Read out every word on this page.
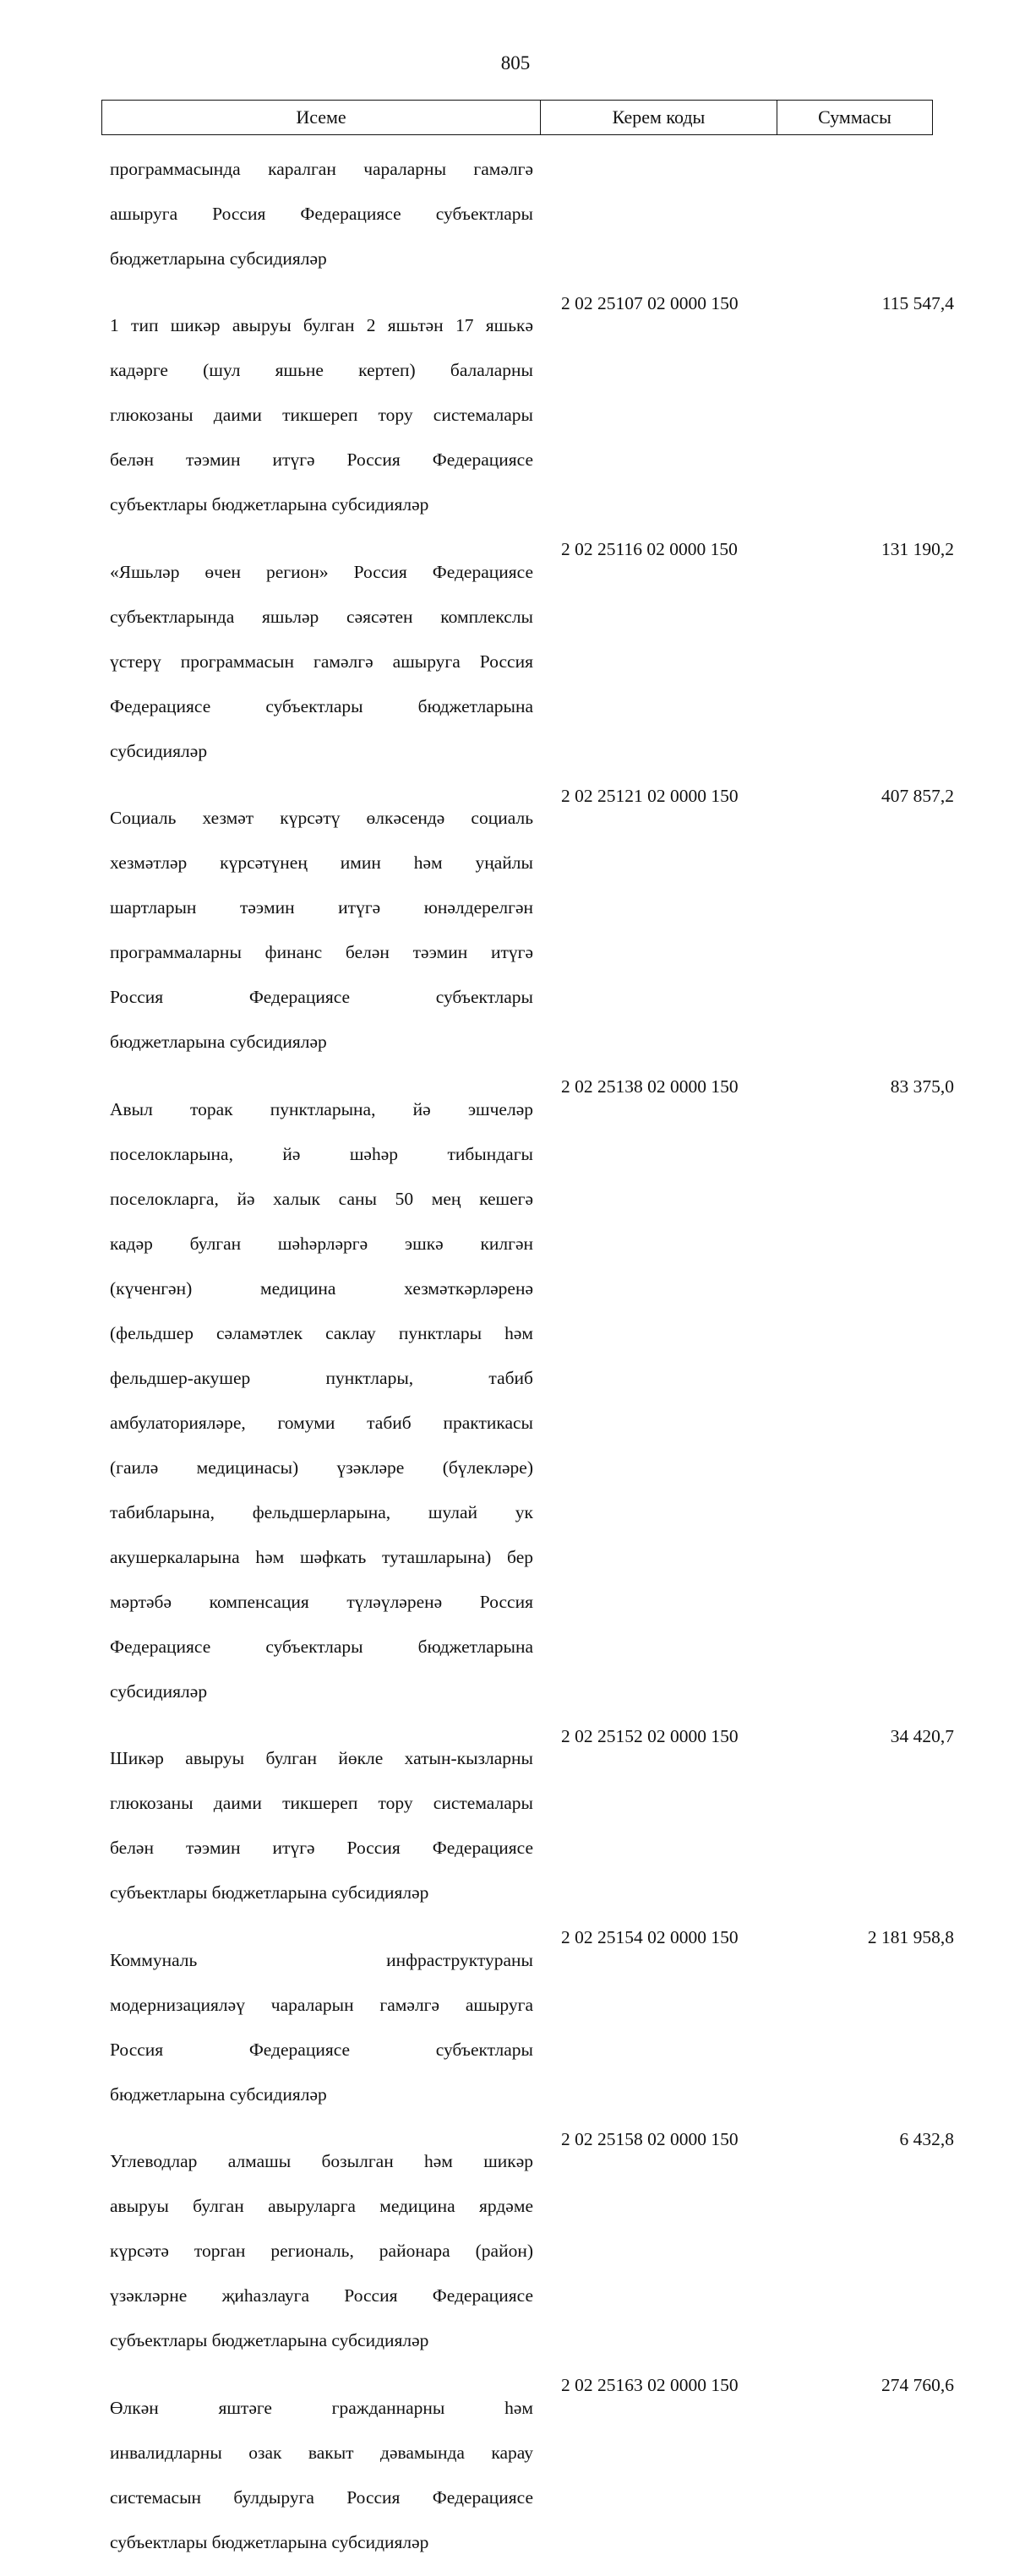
805
Исеме	Керем коды	Суммасы

программасында каралган чараларны гамәлгә

ашыруга Россия Федерациясе субъектлары

бюджетларына субсидияләр

1 тип шикәр авыруы булган 2 яшьтән 17 яшькә

кадәрге (шул яшьне кертеп) балаларны

глюкозаны даими тикшереп тору системалары

белән тәэмин итүгә Россия Федерациясе

субъектлары бюджетларына субсидияләр

2 02 25107 02 0000 150	115 547,4

«Яшьләр өчен регион» Россия Федерациясе

субъектларында яшьләр сәясәтен комплекслы

үстерү программасын гамәлгә ашыруга Россия

Федерациясе субъектлары бюджетларына

субсидияләр

2 02 25116 02 0000 150	131 190,2

Социаль хезмәт күрсәтү өлкәсендә социаль

хезмәтләр күрсәтүнең имин һәм уңайлы

шартларын тәэмин итүгә юнәлдерелгән

программаларны финанс белән тәэмин итүгә

Россия Федерациясе субъектлары

бюджетларына субсидияләр

2 02 25121 02 0000 150	407 857,2

Авыл торак пунктларына, йә эшчеләр

поселокларына, йә шәһәр тибындагы

поселокларга, йә халык саны 50 мең кешегә

кадәр булган шәһәрләргә эшкә килгән

(күченгән) медицина хезмәткәрләренә

(фельдшер сәламәтлек саклау пунктлары һәм

фельдшер-акушер пунктлары, табиб

амбулаторияләре, гомуми табиб практикасы

(гаилә медицинасы) үзәкләре (бүлекләре)

табибларына, фельдшерларына, шулай ук

акушеркаларына һәм шәфкать туташларына) бер

мәртәбә компенсация түләүләренә Россия

Федерациясе субъектлары бюджетларына

субсидияләр

2 02 25138 02 0000 150	83 375,0

Шикәр авыруы булган йөкле хатын-кызларны

глюкозаны даими тикшереп тору системалары

белән тәэмин итүгә Россия Федерациясе

субъектлары бюджетларына субсидияләр

2 02 25152 02 0000 150	34 420,7

Коммуналь инфраструктураны

модернизацияләү чараларын гамәлгә ашыруга

Россия Федерациясе субъектлары

бюджетларына субсидияләр

2 02 25154 02 0000 150	2 181 958,8

Углеводлар алмашы бозылган һәм шикәр

авыруы булган авыруларга медицина ярдәме

күрсәтә торган региональ, районара (район)

үзәкләрне җиһазлауга Россия Федерациясе

субъектлары бюджетларына субсидияләр

2 02 25158 02 0000 150	6 432,8

Өлкән яштәге гражданнарны һәм

инвалидларны озак вакыт дәвамында карау

системасын булдыруга Россия Федерациясе

субъектлары бюджетларына субсидияләр

2 02 25163 02 0000 150	274 760,6
